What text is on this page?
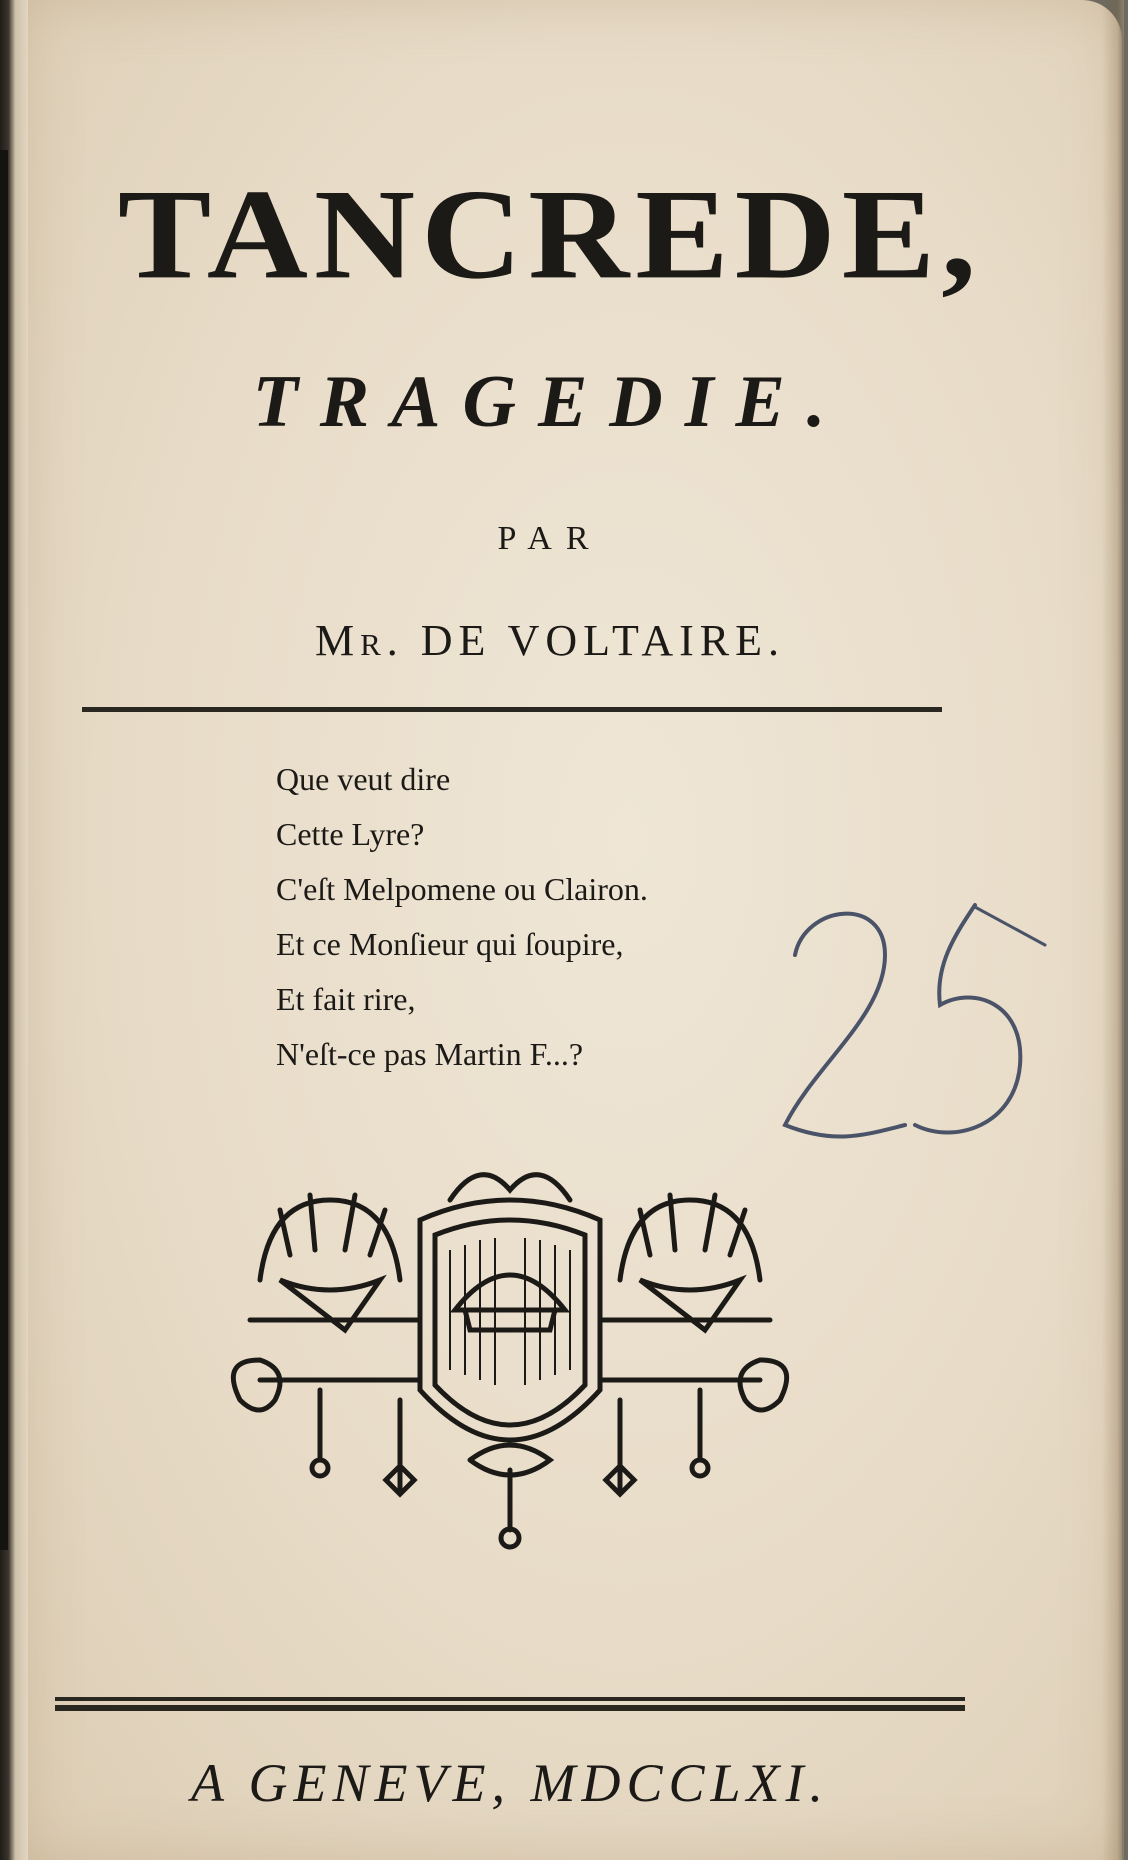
TANCREDE,
TRAGEDIE.

PAR

Mr. DE VOLTAIRE.

Que veut dire
Cette Lyre?
C'eſt Melpomene ou Clairon.
Et ce Monſieur qui ſoupire,
Et fait rire,
N'eſt-ce pas Martin F...?

A GENEVE, MDCCLXI.
